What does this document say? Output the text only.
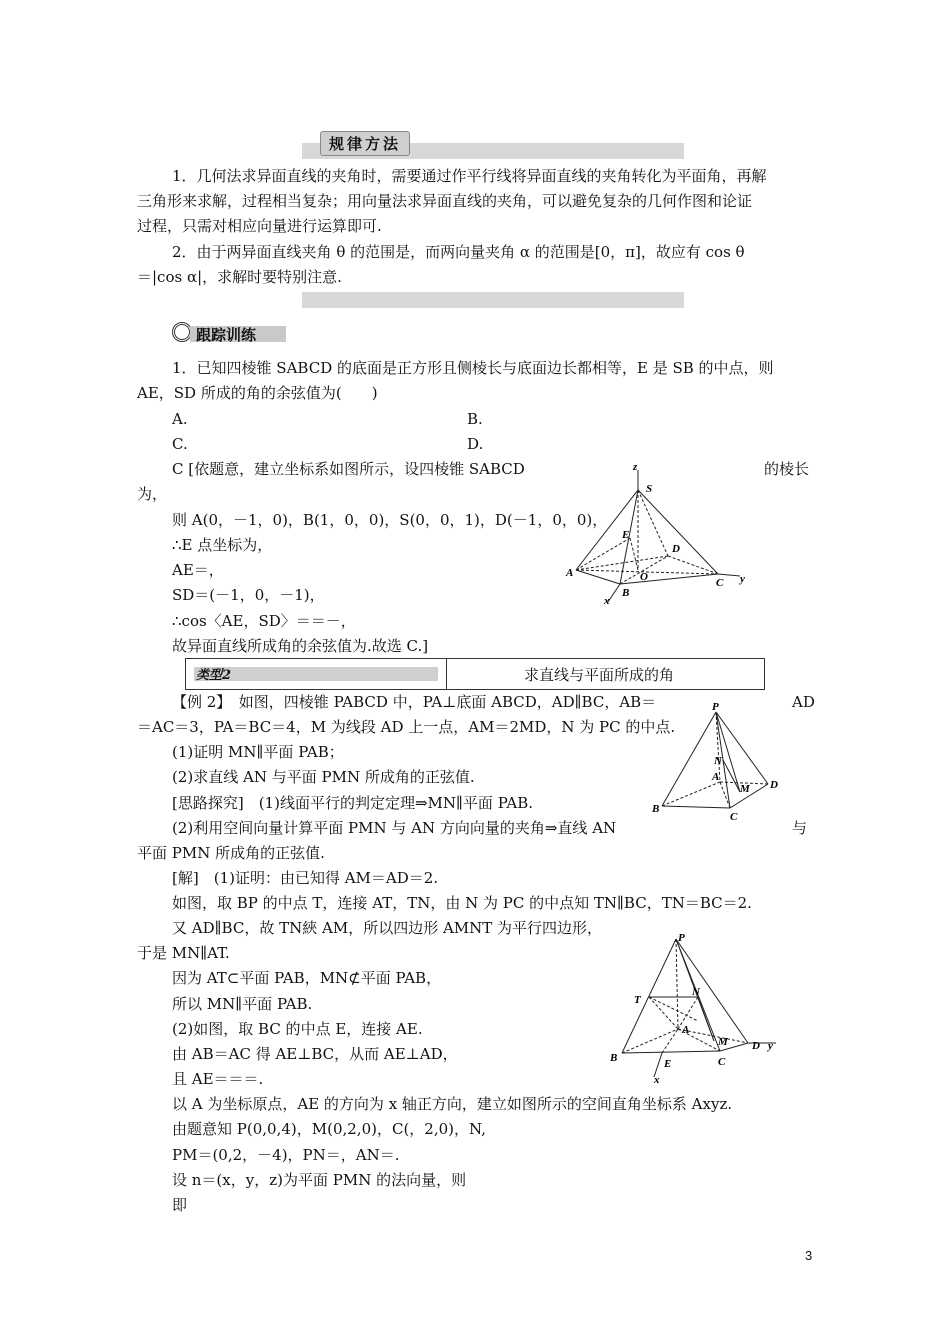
规律方法
1．几何法求异面直线的夹角时，需要通过作平行线将异面直线的夹角转化为平面角，再解
三角形来求解，过程相当复杂；用向量法求异面直线的夹角，可以避免复杂的几何作图和论证
过程，只需对相应向量进行运算即可.
2．由于两异面直线夹角 θ 的范围是，而两向量夹角 α 的范围是[0，π]，故应有 cos θ
＝|cos α|，求解时要特别注意.
跟踪训练
1．已知四棱锥 SABCD 的底面是正方形且侧棱长与底面边长都相等，E 是 SB 的中点，则
AE，SD 所成的角的余弦值为(　　)
A.	B.
C.	D.
C [依题意，建立坐标系如图所示，设四棱锥 SABCD	的棱长
为，
则 A(0，－1，0)，B(1，0，0)，S(0，0，1)，D(－1，0，0)，
∴E 点坐标为，
AE＝，
SD＝(－1，0，－1)，
∴cos〈AE，SD〉＝＝－，
故异面直线所成角的余弦值为.故选 C.]
z
S
E
D
A	O	C y
B
x
类型2	求直线与平面所成的角
【例 2】　如图，四棱锥 PABCD 中，PA⊥底面 ABCD，AD∥BC，AB＝	AD
＝AC＝3，PA＝BC＝4，M 为线段 AD 上一点，AM＝2MD，N 为 PC 的中点.
(1)证明 MN∥平面 PAB；
(2)求直线 AN 与平面 PMN 所成角的正弦值.
[思路探究]　(1)线面平行的判定定理⇒MN∥平面 PAB.
(2)利用空间向量计算平面 PMN 与 AN 方向向量的夹角⇒直线 AN	与
平面 PMN 所成角的正弦值.
[解]　(1)证明：由已知得 AM＝AD＝2.
如图，取 BP 的中点 T，连接 AT，TN，由 N 为 PC 的中点知 TN∥BC，TN＝BC＝2.
又 AD∥BC，故 TN綊 AM，所以四边形 AMNT 为平行四边形，
于是 MN∥AT.
因为 AT⊂平面 PAB，MN⊄平面 PAB，
所以 MN∥平面 PAB.
(2)如图，取 BC 的中点 E，连接 AE.
由 AB＝AC 得 AE⊥BC，从而 AE⊥AD，
且 AE＝＝＝.
以 A 为坐标原点，AE 的方向为 x 轴正方向，建立如图所示的空间直角坐标系 Axyz.
由题意知 P(0,0,4)，M(0,2,0)，C(，2,0)，N,
PM＝(0,2，－4)，PN＝，AN＝.
设 n＝(x，y，z)为平面 PMN 的法向量，则
即
P
N
A
M D
B
C
P
T
N
A
M D y
B	E	C
x
3
